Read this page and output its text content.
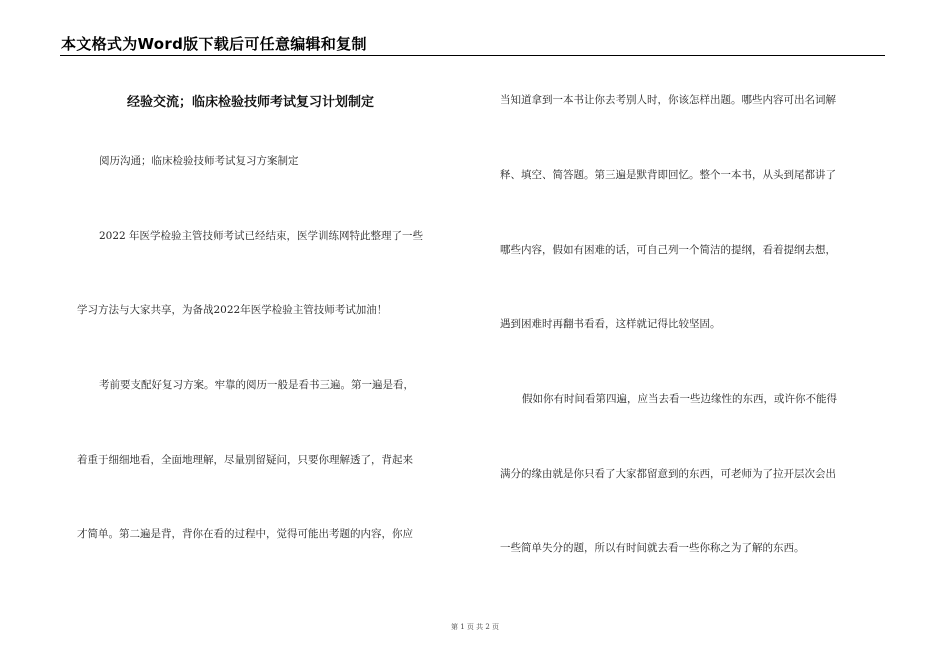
本文格式为Word版下载后可任意编辑和复制
经验交流；临床检验技师考试复习计划制定
阅历沟通；临床检验技师考试复习方案制定
2022 年医学检验主管技师考试已经结束，医学训练网特此整理了一些
学习方法与大家共享，为备战2022年医学检验主管技师考试加油！
考前要支配好复习方案。牢靠的阅历一般是看书三遍。第一遍是看，
着重于细细地看，全面地理解，尽量别留疑问，只要你理解透了，背起来
才简单。第二遍是背，背你在看的过程中，觉得可能出考题的内容，你应
当知道拿到一本书让你去考别人时，你该怎样出题。哪些内容可出名词解
释、填空、简答题。第三遍是默背即回忆。整个一本书，从头到尾都讲了
哪些内容，假如有困难的话，可自己列一个简洁的提纲，看着提纲去想，
遇到困难时再翻书看看，这样就记得比较坚固。
假如你有时间看第四遍，应当去看一些边缘性的东西，或许你不能得
满分的缘由就是你只看了大家都留意到的东西，可老师为了拉开层次会出
一些简单失分的题，所以有时间就去看一些你称之为了解的东西。
第 1 页 共 2 页
